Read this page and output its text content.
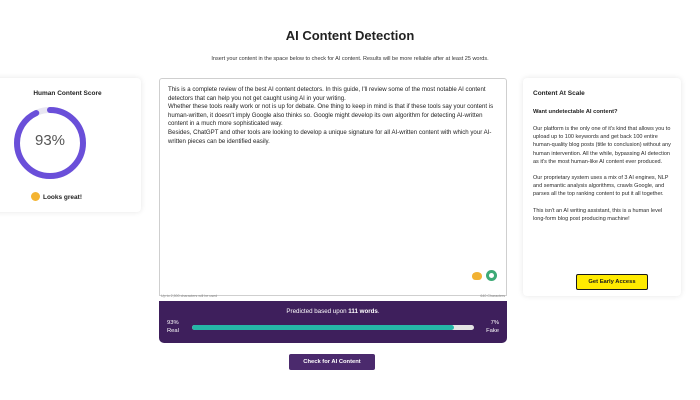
AI Content Detection
Insert your content in the space below to check for AI content. Results will be more reliable after at least 25 words.
Human Content Score
93%
Looks great!

This is a complete review of the best AI content detectors. In this guide, I'll review some of the most notable AI content detectors that can help you not get caught using AI in your writing.

Whether these tools really work or not is up for debate. One thing to keep in mind is that if these tools say your content is human-written, it doesn't imply Google also thinks so. Google might develop its own algorithm for detecting AI-written content in a much more sophisticated way.

Besides, ChatGPT and other tools are looking to develop a unique signature for all AI-written content with which your AI-written pieces can be identified easily.

Up to 2,500 characters will be used	640 Characters
Predicted based upon 111 words.
93%
Real
7%
Fake
Check for AI Content
Content At Scale
Want undetectable AI content?

Our platform is the only one of it's kind that allows you to upload up to 100 keywords and get back 100 entire human-quality blog posts (title to conclusion) without any human intervention. All the while, bypassing AI detection as it's the most human-like AI content ever produced.

Our proprietary system uses a mix of 3 AI engines, NLP and semantic analysis algorithms, crawls Google, and parses all the top ranking content to put it all together.

This isn't an AI writing assistant, this is a human level long-form blog post producing machine!

Get Early Access
